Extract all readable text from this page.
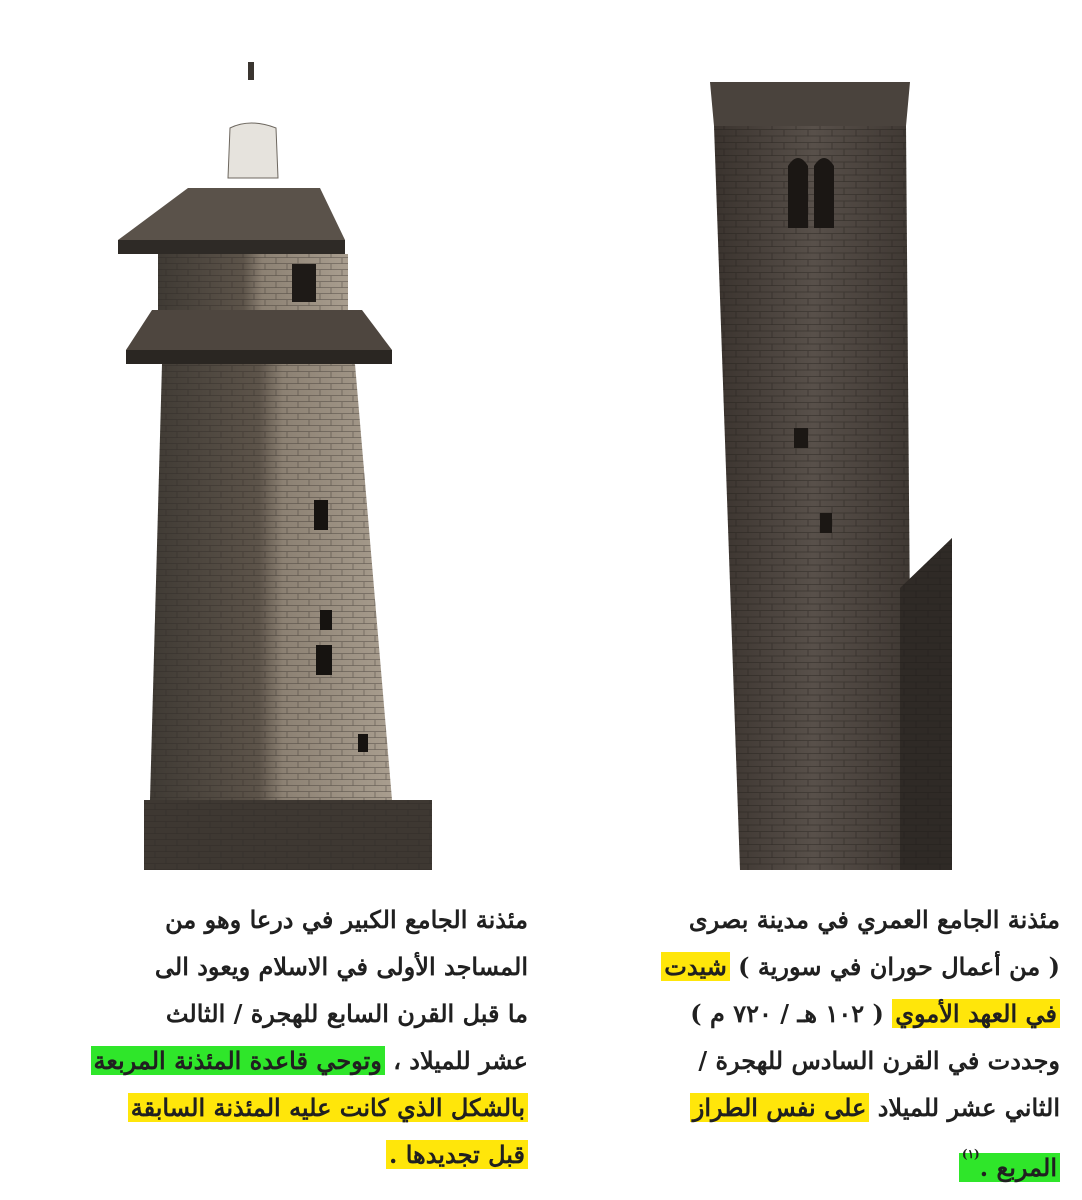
مئذنة الجامع الكبير في درعا وهو من
المساجد الأولى في الاسلام ويعود الى
ما قبل القرن السابع للهجرة / الثالث
عشر للميلاد ، وتوحي قاعدة المئذنة المربعة
بالشكل الذي كانت عليه المئذنة السابقة
قبل تجديدها .
مئذنة الجامع العمري في مدينة بصرى
( من أعمال حوران في سورية ) شيدت
في العهد الأموي ( ١٠٢ هـ / ٧٢٠ م )
وجددت في القرن السادس للهجرة /
الثاني عشر للميلاد على نفس الطراز
المربع .$^{(١)}$
